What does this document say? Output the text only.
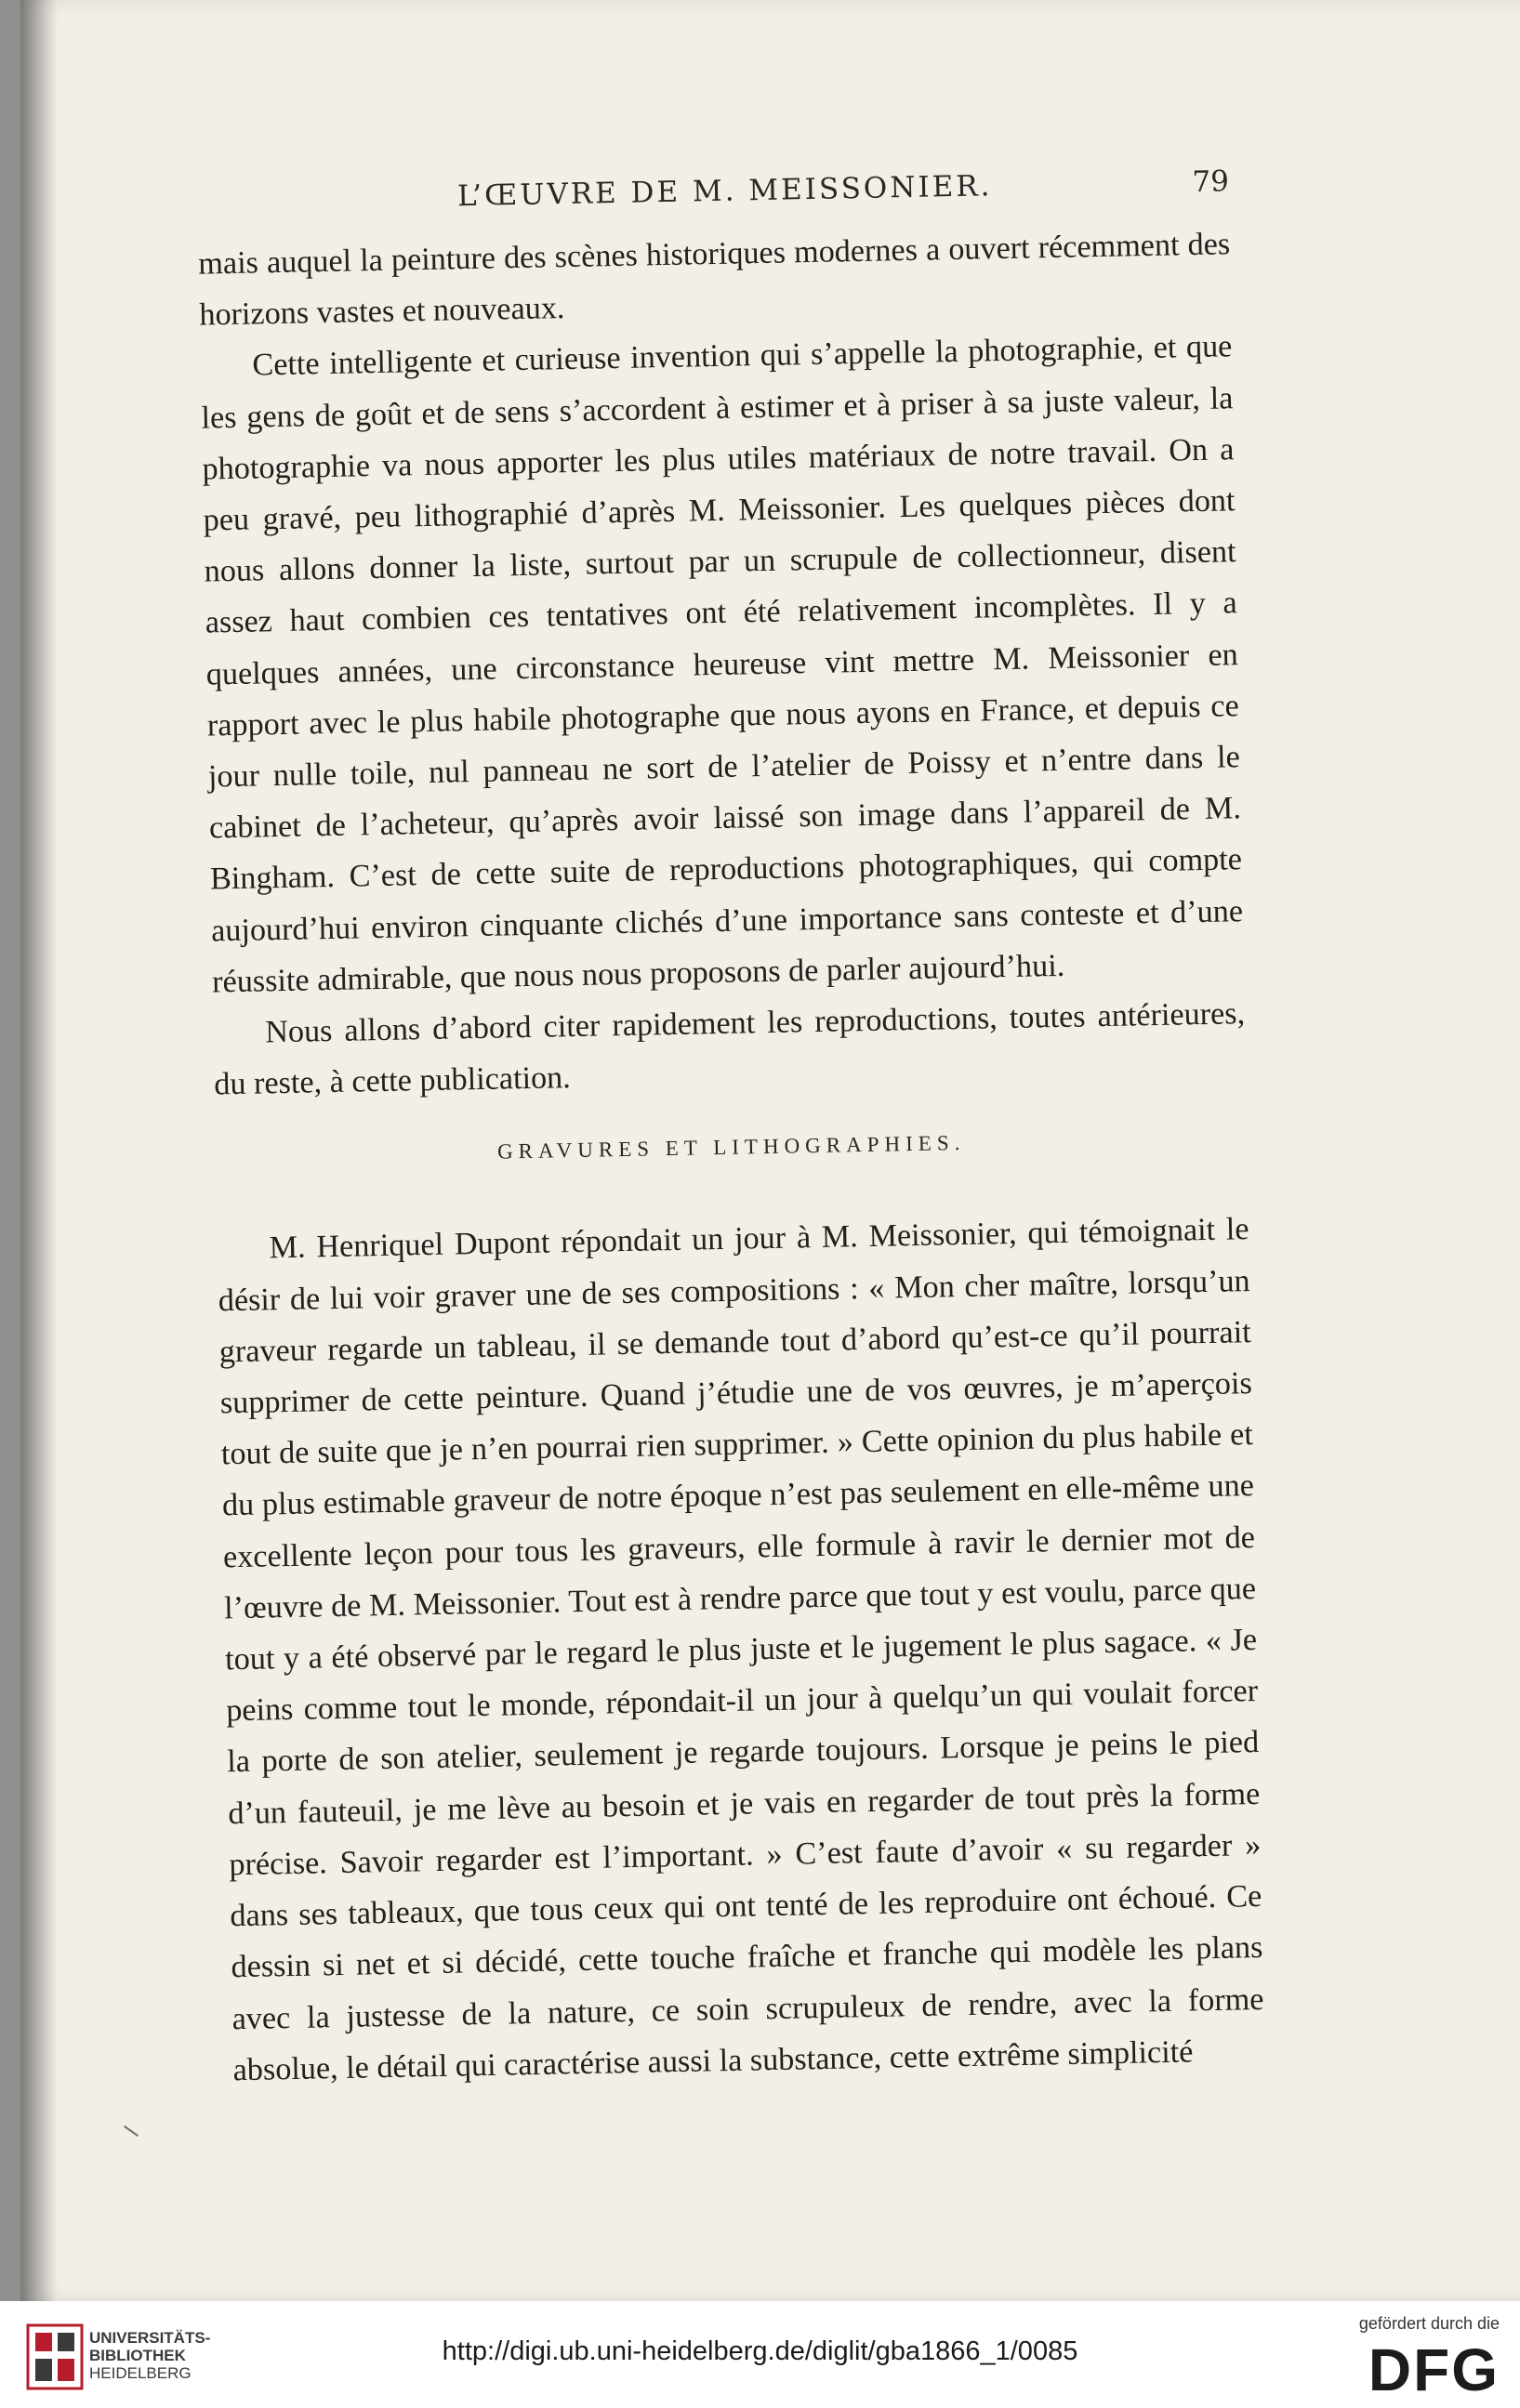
L’ŒUVRE DE M. MEISSONIER.	79

mais auquel la peinture des scènes historiques modernes a ouvert récemment des horizons vastes et nouveaux.

Cette intelligente et curieuse invention qui s’appelle la photographie, et que les gens de goût et de sens s’accordent à estimer et à priser à sa juste valeur, la photographie va nous apporter les plus utiles matériaux de notre travail. On a peu gravé, peu lithographié d’après M. Meissonier. Les quelques pièces dont nous allons donner la liste, surtout par un scrupule de collectionneur, disent assez haut combien ces tentatives ont été relativement incomplètes. Il y a quelques années, une circonstance heureuse vint mettre M. Meissonier en rapport avec le plus habile photographe que nous ayons en France, et depuis ce jour nulle toile, nul panneau ne sort de l’atelier de Poissy et n’entre dans le cabinet de l’acheteur, qu’après avoir laissé son image dans l’appareil de M. Bingham. C’est de cette suite de reproductions photographiques, qui compte aujourd’hui environ cinquante clichés d’une importance sans conteste et d’une réussite admirable, que nous nous proposons de parler aujourd’hui.

Nous allons d’abord citer rapidement les reproductions, toutes antérieures, du reste, à cette publication.

GRAVURES ET LITHOGRAPHIES.

M. Henriquel Dupont répondait un jour à M. Meissonier, qui témoignait le désir de lui voir graver une de ses compositions : « Mon cher maître, lorsqu’un graveur regarde un tableau, il se demande tout d’abord qu’est-ce qu’il pourrait supprimer de cette peinture. Quand j’étudie une de vos œuvres, je m’aperçois tout de suite que je n’en pourrai rien supprimer. » Cette opinion du plus habile et du plus estimable graveur de notre époque n’est pas seulement en elle-même une excellente leçon pour tous les graveurs, elle formule à ravir le dernier mot de l’œuvre de M. Meissonier. Tout est à rendre parce que tout y est voulu, parce que tout y a été observé par le regard le plus juste et le jugement le plus sagace. « Je peins comme tout le monde, répondait-il un jour à quelqu’un qui voulait forcer la porte de son atelier, seulement je regarde toujours. Lorsque je peins le pied d’un fauteuil, je me lève au besoin et je vais en regarder de tout près la forme précise. Savoir regarder est l’important. » C’est faute d’avoir « su regarder » dans ses tableaux, que tous ceux qui ont tenté de les reproduire ont échoué. Ce dessin si net et si décidé, cette touche fraîche et franche qui modèle les plans avec la justesse de la nature, ce soin scrupuleux de rendre, avec la forme absolue, le détail qui caractérise aussi la substance, cette extrême simplicité

UNIVERSITÄTS-
BIBLIOTHEK
HEIDELBERG
http://digi.ub.uni-heidelberg.de/diglit/gba1866_1/0085
gefördert durch die
DFG
